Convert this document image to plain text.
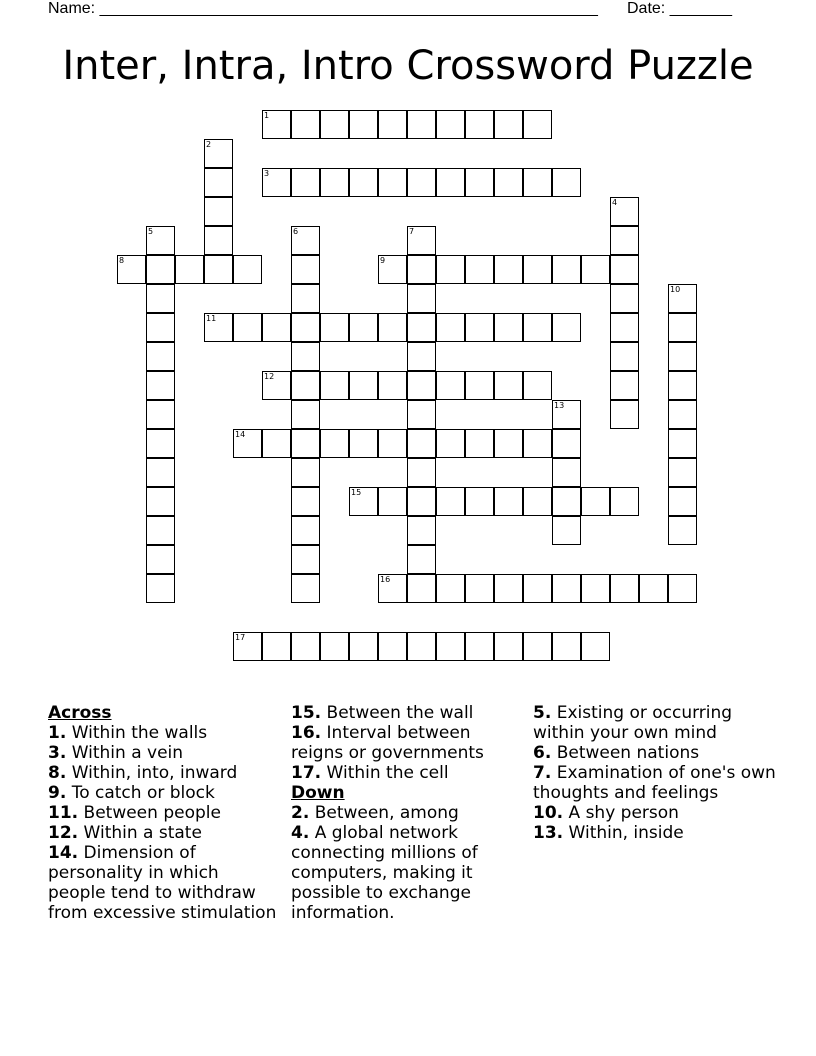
Name: ________________________________________________________ Date: _______
Inter, Intra, Intro Crossword Puzzle
1
3
8	9
11
12
14
15
16
17
2
4
5	6	7
10
13
Across
1. Within the walls
3. Within a vein
8. Within, into, inward
9. To catch or block
11. Between people
12. Within a state
14. Dimension of personality in which people tend to withdraw from excessive stimulation
15. Between the wall
16. Interval between reigns or governments
17. Within the cell
Down
2. Between, among
4. A global network connecting millions of computers, making it possible to exchange information.
5. Existing or occurring within your own mind
6. Between nations
7. Examination of one's own thoughts and feelings
10. A shy person
13. Within, inside
